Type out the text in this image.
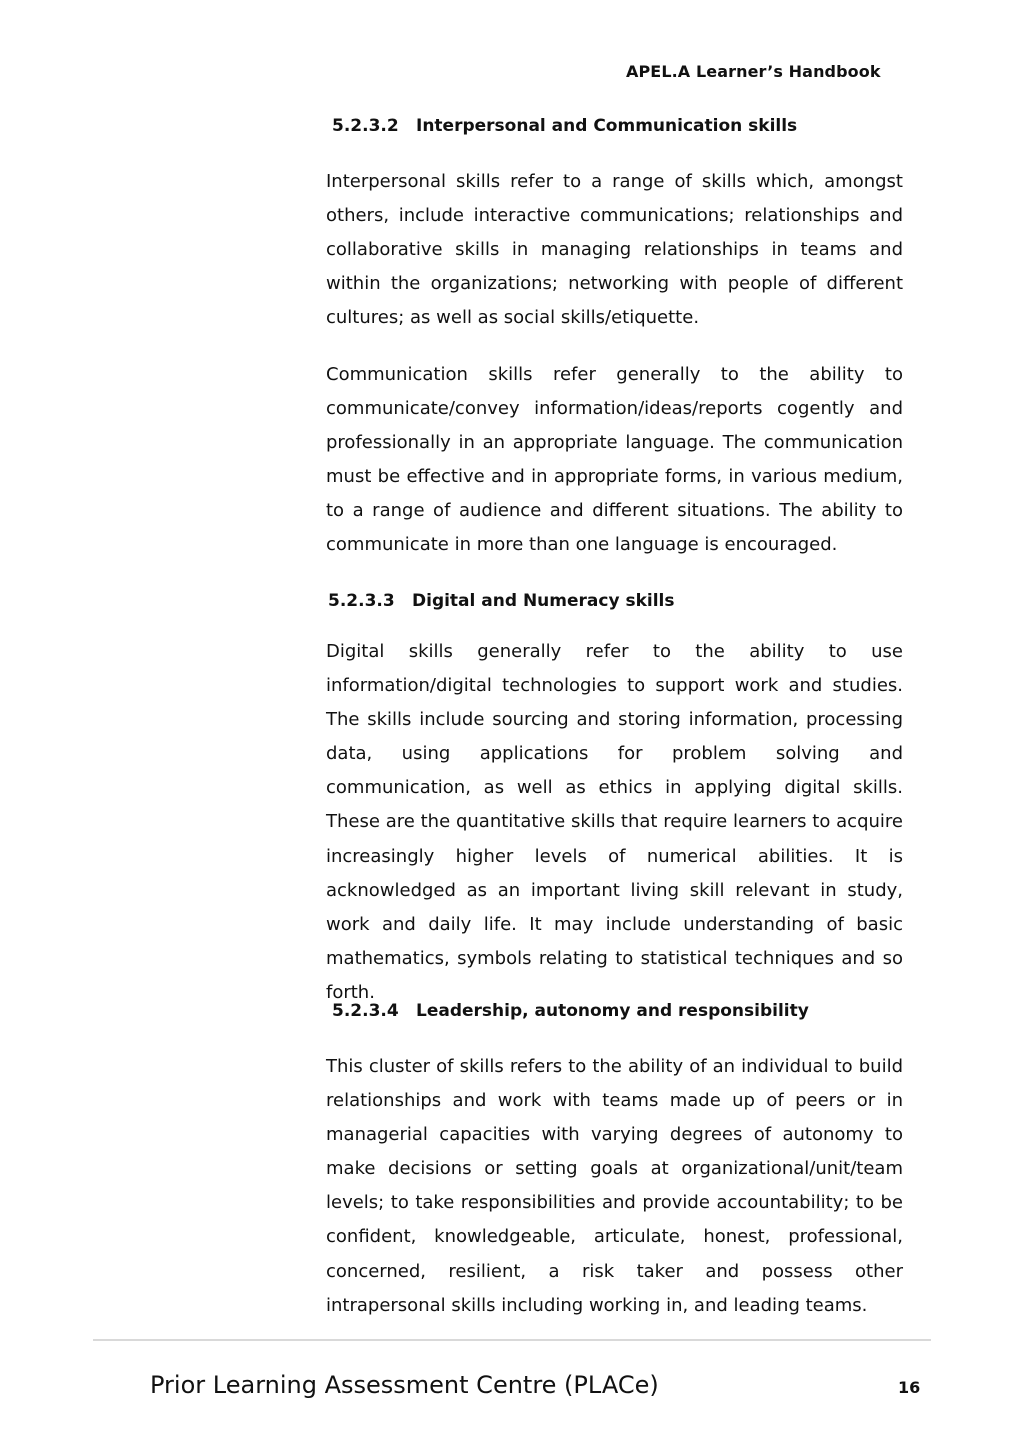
APEL.A Learner’s Handbook
5.2.3.2 Interpersonal and Communication skills

Interpersonal skills refer to a range of skills which, amongst others, include interactive communications; relationships and collaborative skills in managing relationships in teams and within the organizations; networking with people of different cultures; as well as social skills/etiquette.

Communication skills refer generally to the ability to communicate/convey information/ideas/reports cogently and professionally in an appropriate language. The communication must be effective and in appropriate forms, in various medium, to a range of audience and different situations. The ability to communicate in more than one language is encouraged.

5.2.3.3 Digital and Numeracy skills

Digital skills generally refer to the ability to use information/digital technologies to support work and studies. The skills include sourcing and storing information, processing data, using applications for problem solving and communication, as well as ethics in applying digital skills. These are the quantitative skills that require learners to acquire increasingly higher levels of numerical abilities. It is acknowledged as an important living skill relevant in study, work and daily life. It may include understanding of basic mathematics, symbols relating to statistical techniques and so forth.

5.2.3.4 Leadership, autonomy and responsibility

This cluster of skills refers to the ability of an individual to build relationships and work with teams made up of peers or in managerial capacities with varying degrees of autonomy to make decisions or setting goals at organizational/unit/team levels; to take responsibilities and provide accountability; to be confident, knowledgeable, articulate, honest, professional, concerned, resilient, a risk taker and possess other intrapersonal skills including working in, and leading teams.

Prior Learning Assessment Centre (PLACe)	16
